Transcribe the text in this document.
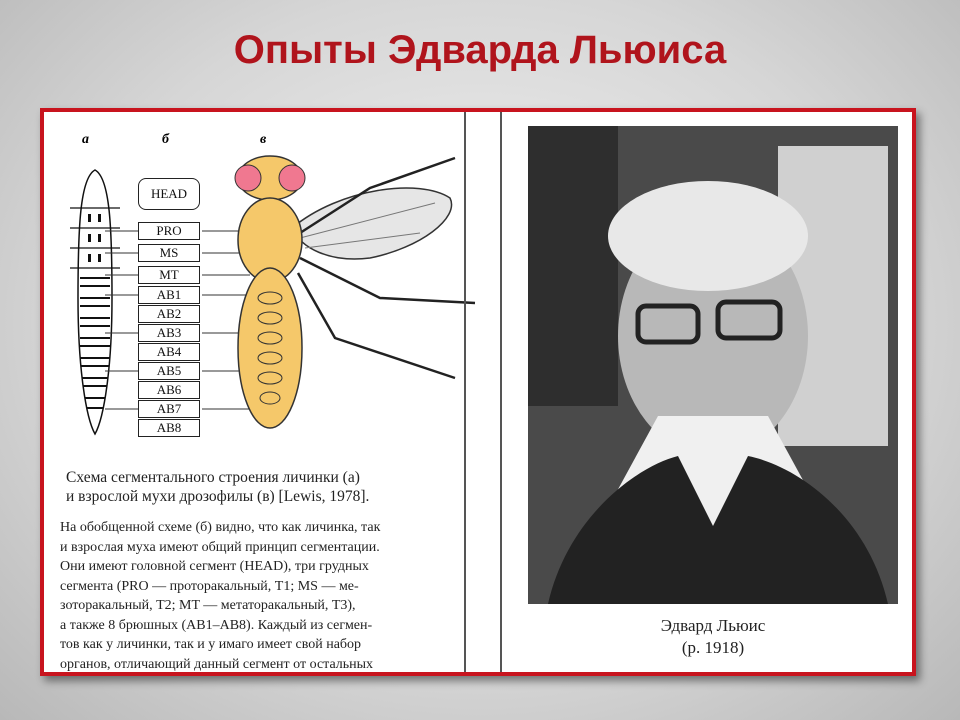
Опыты Эдварда Льюиса
а	б	в
HEAD
PRO
MS
MT
AB1
AB2
AB3
AB4
AB5
AB6
AB7
AB8
Схема сегментального строения личинки (а)
и взрослой мухи дрозофилы (в) [Lewis, 1978].
На обобщенной схеме (б) видно, что как личинка, так
и взрослая муха имеют общий принцип сегментации.
Они имеют головной сегмент (HEAD), три грудных
сегмента (PRO — проторакальный, Т1; MS — ме-
зоторакальный, Т2; MT — метаторакальный, Т3),
а также 8 брюшных (AB1–AB8). Каждый из сегмен-
тов как у личинки, так и у имаго имеет свой набор
органов, отличающий данный сегмент от остальных
Эдвард Льюис
(р. 1918)
